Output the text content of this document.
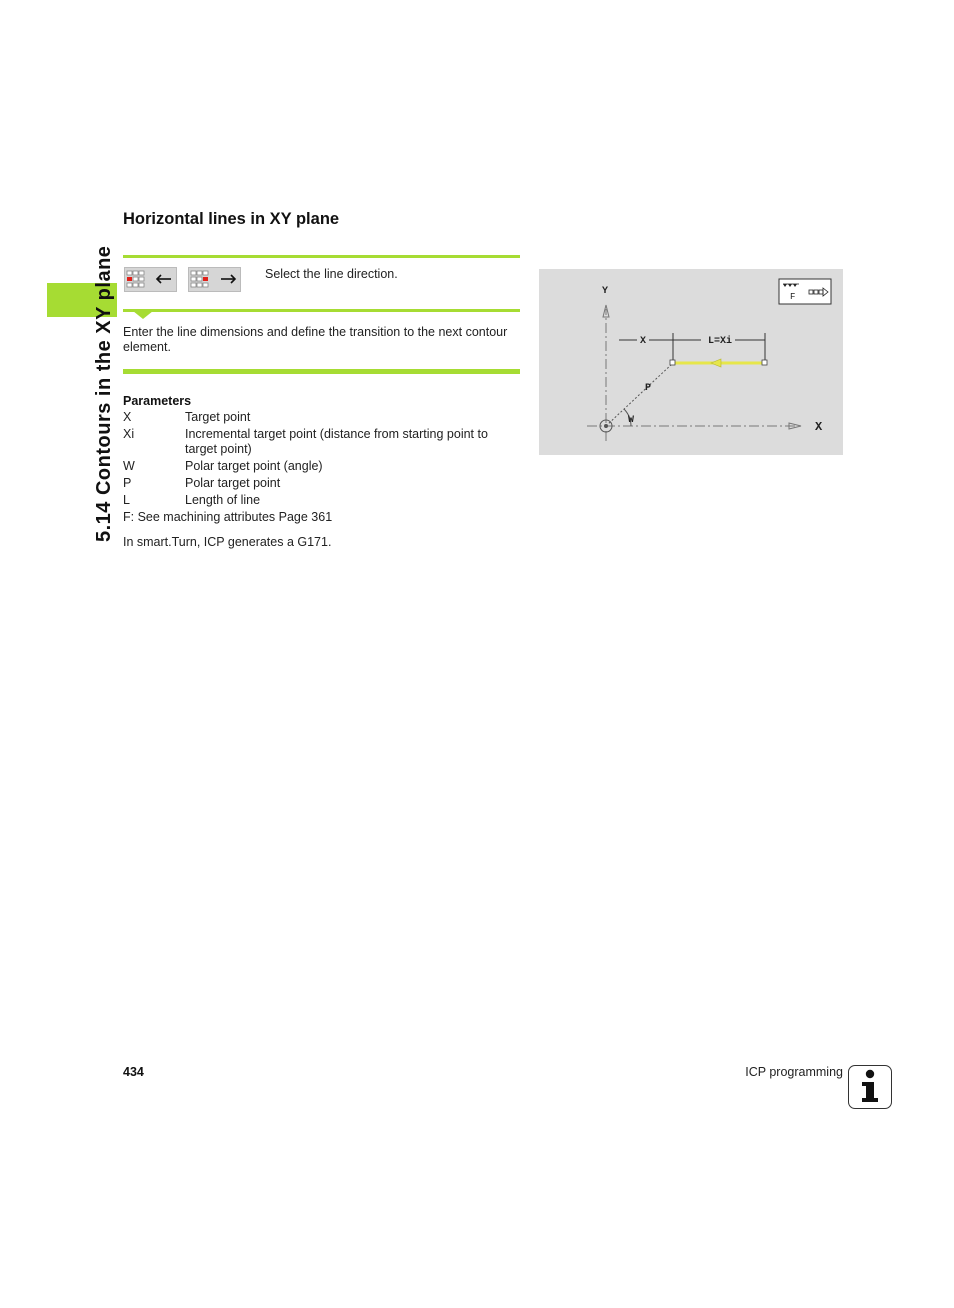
5.14 Contours in the XY plane
Horizontal lines in XY plane
Select the line direction.
Enter the line dimensions and define the transition to the next contour element.
Parameters
X	Target point
Xi	Incremental target point (distance from starting point to target point)
W	Polar target point (angle)
P	Polar target point
L	Length of line
F: See machining attributes Page 361
In smart.Turn, ICP generates a G171.
Y
X
X	L=Xi
P
W
F
434	ICP programming
